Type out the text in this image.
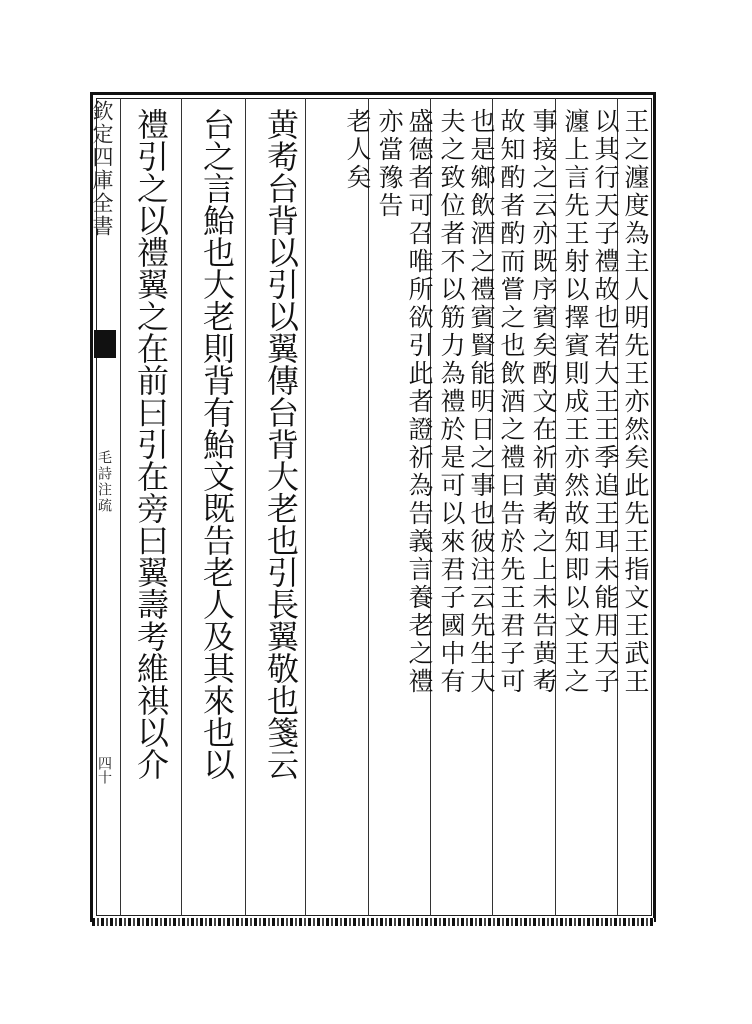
欽定四庫全書
毛詩注疏
四十
王之瀍度為主人明先王亦然矣此先王指文王武王
以其行天子禮故也若大王王季追王耳未能用天子
瀍上言先王射以擇賓則成王亦然故知即以文王之
事接之云亦既序賓矣酌文在祈黄耇之上未告黄耇
故知酌者酌而嘗之也飲酒之禮曰告於先王君子可
也是鄉飲酒之禮賓賢能明日之事也彼注云先生大
夫之致位者不以筋力為禮於是可以來君子國中有
盛德者可召唯所欲引此者證祈為告義言養老之禮
亦當豫告
老人矣
黄耇台背以引以翼傳台背大老也引長翼敬也箋云
台之言鮐也大老則背有鮐文既告老人及其來也以
禮引之以禮翼之在前曰引在旁曰翼壽考維祺以介
